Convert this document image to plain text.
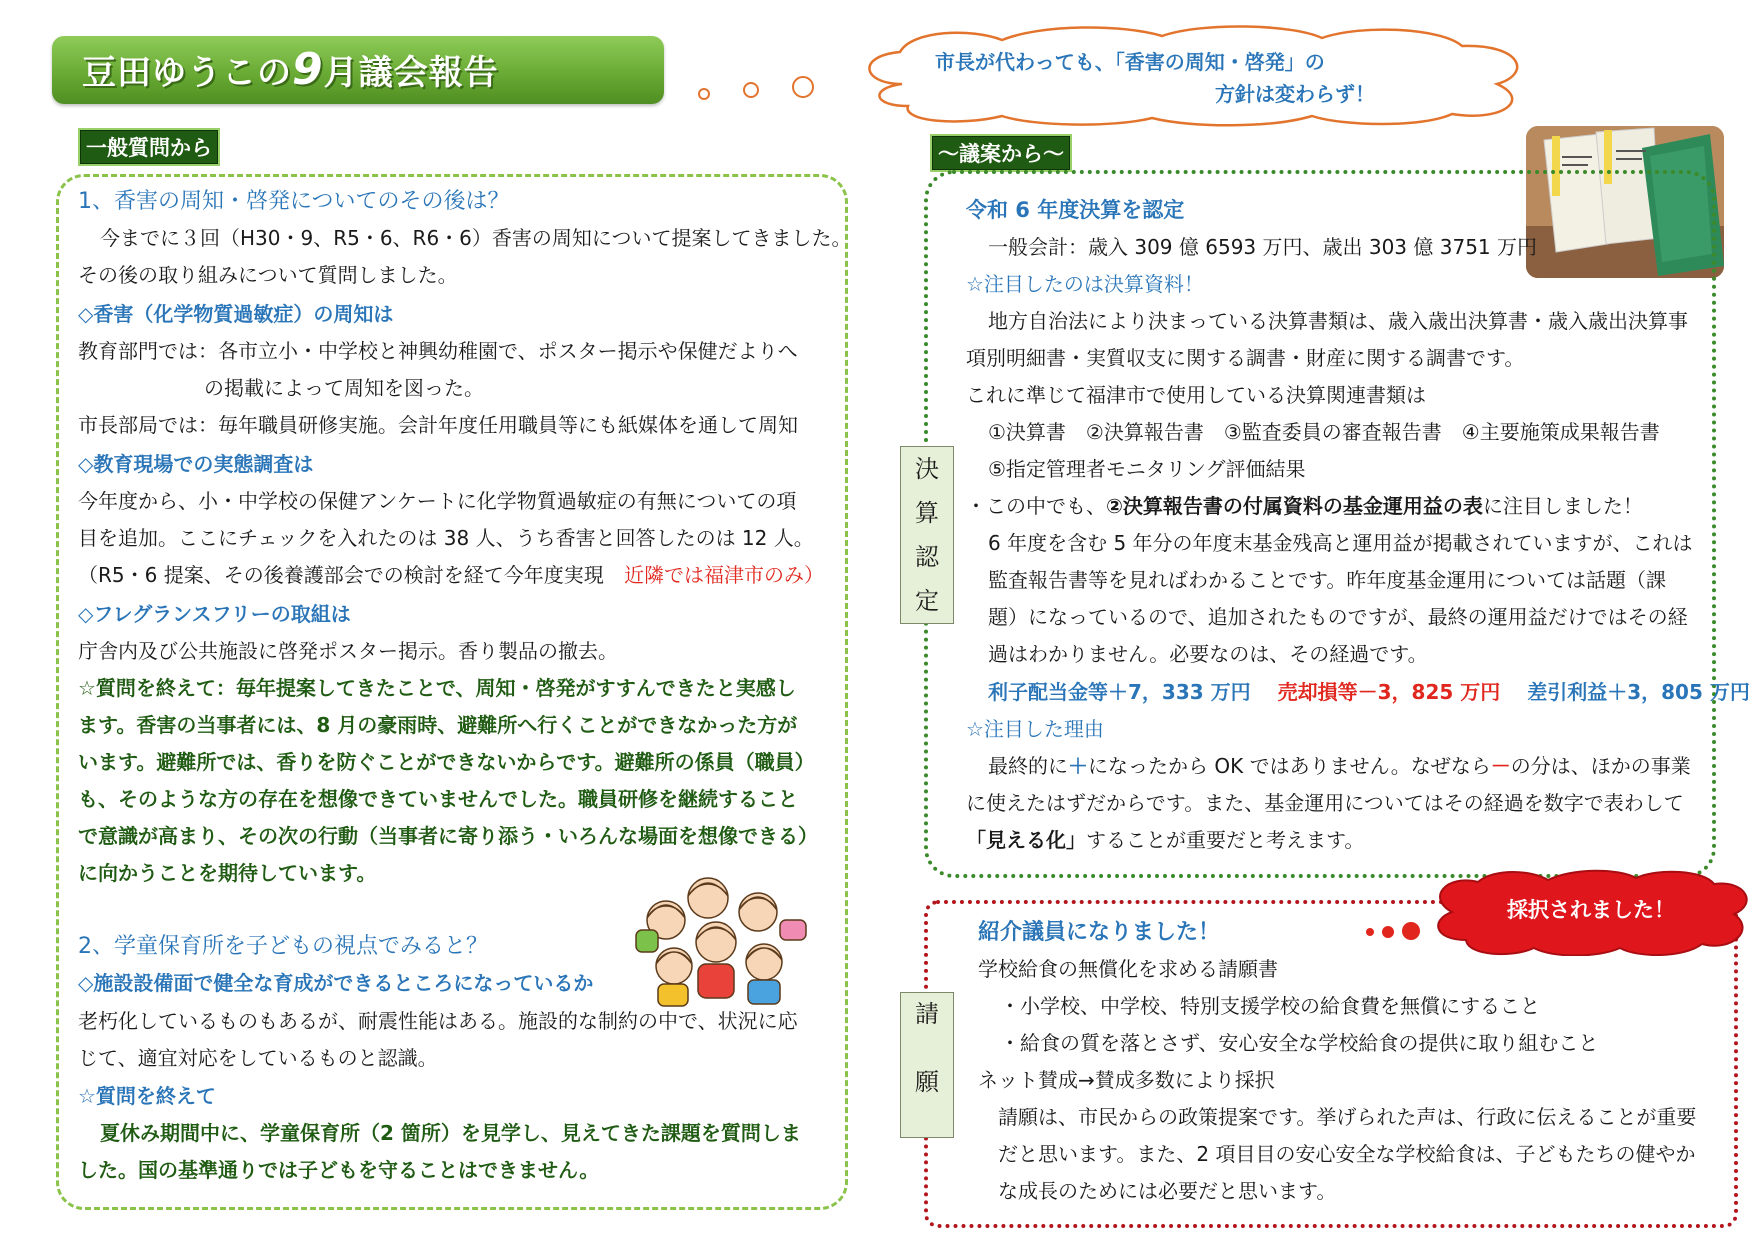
豆田ゆうこの9月議会報告	市長が代わっても、「香害の周知・啓発」の
方針は変わらず！
一般質問から
1、香害の周知・啓発についてのその後は？
今までに３回（H30・9、R5・6、R6・6）香害の周知について提案してきました。
その後の取り組みについて質問しました。
◇香害（化学物質過敏症）の周知は
教育部門では：各市立小・中学校と神興幼稚園で、ポスター掲示や保健だよりへ
の掲載によって周知を図った。
市長部局では：毎年職員研修実施。会計年度任用職員等にも紙媒体を通して周知
◇教育現場での実態調査は
今年度から、小・中学校の保健アンケートに化学物質過敏症の有無についての項
目を追加。ここにチェックを入れたのは 38 人、うち香害と回答したのは 12 人。
（R5・6 提案、その後養護部会での検討を経て今年度実現 近隣では福津市のみ）
◇フレグランスフリーの取組は
庁舎内及び公共施設に啓発ポスター掲示。香り製品の撤去。
☆質問を終えて：毎年提案してきたことで、周知・啓発がすすんできたと実感し
ます。香害の当事者には、8 月の豪雨時、避難所へ行くことができなかった方が
います。避難所では、香りを防ぐことができないからです。避難所の係員（職員）
も、そのような方の存在を想像できていませんでした。職員研修を継続すること
で意識が高まり、その次の行動（当事者に寄り添う・いろんな場面を想像できる）
に向かうことを期待しています。
2、学童保育所を子どもの視点でみると？
◇施設設備面で健全な育成ができるところになっているか
老朽化しているものもあるが、耐震性能はある。施設的な制約の中で、状況に応
じて、適宜対応をしているものと認識。
☆質問を終えて
夏休み期間中に、学童保育所（2 箇所）を見学し、見えてきた課題を質問しま
した。国の基準通りでは子どもを守ることはできません。
～議案から～
決
算
認
定
令和 6 年度決算を認定
一般会計：歳入 309 億 6593 万円、歳出 303 億 3751 万円
☆注目したのは決算資料！
地方自治法により決まっている決算書類は、歳入歳出決算書・歳入歳出決算事
項別明細書・実質収支に関する調書・財産に関する調書です。
これに準じて福津市で使用している決算関連書類は
①決算書　②決算報告書　③監査委員の審査報告書　④主要施策成果報告書
⑤指定管理者モニタリング評価結果
・この中でも、②決算報告書の付属資料の基金運用益の表に注目しました！
6 年度を含む 5 年分の年度末基金残高と運用益が掲載されていますが、これは
監査報告書等を見ればわかることです。昨年度基金運用については話題（課
題）になっているので、追加されたものですが、最終の運用益だけではその経
過はわかりません。必要なのは、その経過です。
利子配当金等＋7，333 万円 売却損等－3，825 万円 差引利益＋3，805 万円
☆注目した理由
最終的に＋になったから OK ではありません。なぜなら－の分は、ほかの事業
に使えたはずだからです。また、基金運用についてはその経過を数字で表わして
「見える化」することが重要だと考えます。
請
願
採択されました！
紹介議員になりました！
学校給食の無償化を求める請願書
・小学校、中学校、特別支援学校の給食費を無償にすること
・給食の質を落とさず、安心安全な学校給食の提供に取り組むこと
ネット賛成→賛成多数により採択
請願は、市民からの政策提案です。挙げられた声は、行政に伝えることが重要
だと思います。また、2 項目目の安心安全な学校給食は、子どもたちの健やか
な成長のためには必要だと思います。
